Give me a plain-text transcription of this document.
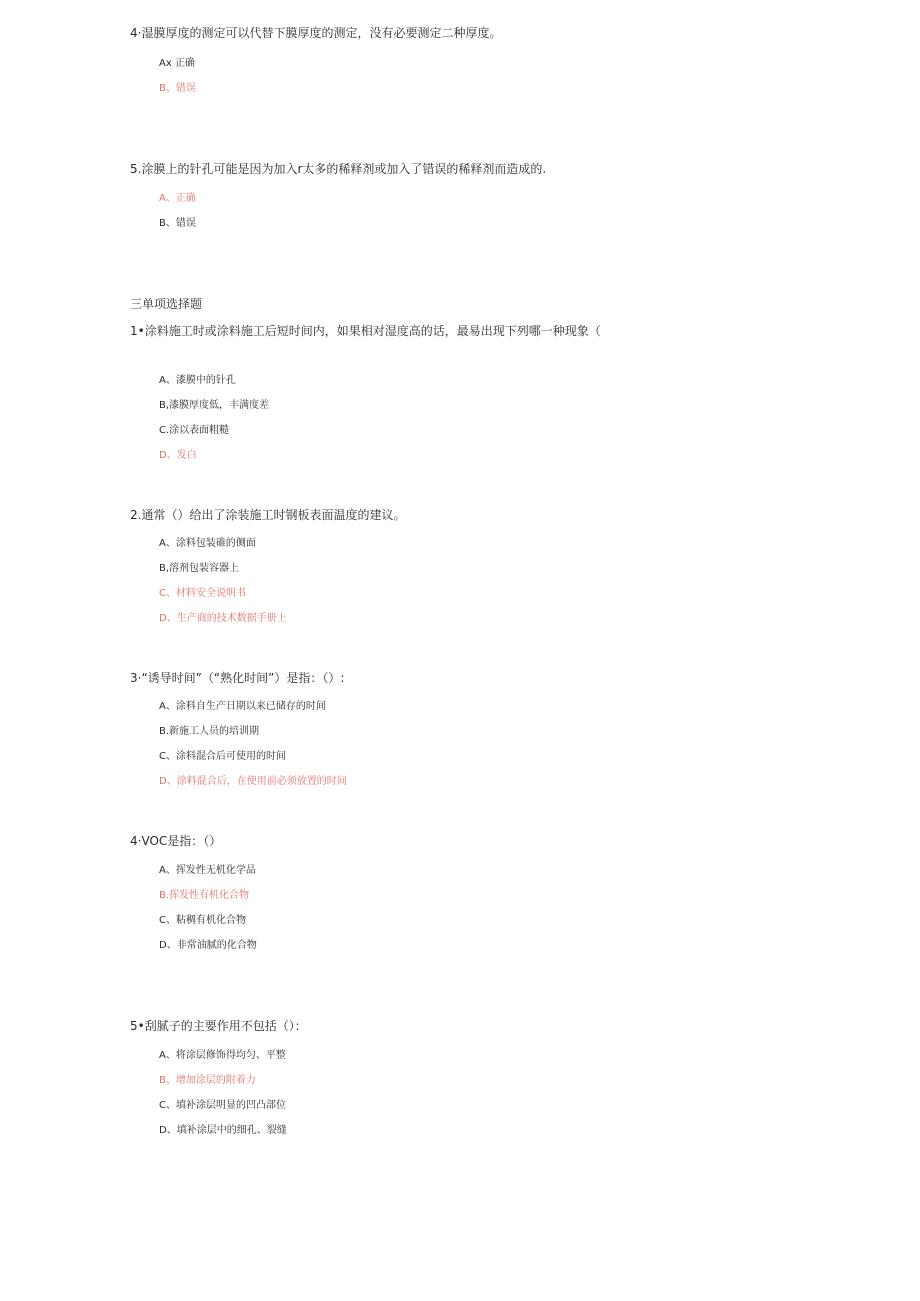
4·湿膜厚度的测定可以代替下膜厚度的测定，没有必要测定二种厚度。
Ax 正确
B、错误
5.涂膜上的针孔可能是因为加入r太多的稀释剂或加入了错误的稀释剂而造成的.
A、正确
B、错误
三单项选择题
1•涂料施工时或涂料施工后短时间内，如果相对湿度高的话，最易出现下列哪一种现象（
A、漆膜中的针孔
B,漆膜厚度低，丰满度差
C.涂以表面粗糙
D、发白
2.通常（）给出了涂装施工时钢板表面温度的建议。
A、涂料包装碓的侧面
B,溶剂包装容器上
C、材料安全说明书
D、生产商的技术数据手册上
3·“诱导时间”（“熟化时间”）是指：（）:
A、涂料自生产日期以来已储存的时间
B.新施工人员的培训期
C、涂料混合后可使用的时间
D、涂料混合后，在使用前必须放置的时间
4·VOC是指：（）
A、挥发性无机化学品
B.挥发性有机化合物
C、粘稠有机化合物
D、非常油腻的化合物
5•刮腻子的主要作用不包括（）：
A、将涂层修饰得均匀、平整
B、增加涂层的附着力
C、填补涂层明显的凹凸部位
D、填补涂层中的细孔、裂缝
